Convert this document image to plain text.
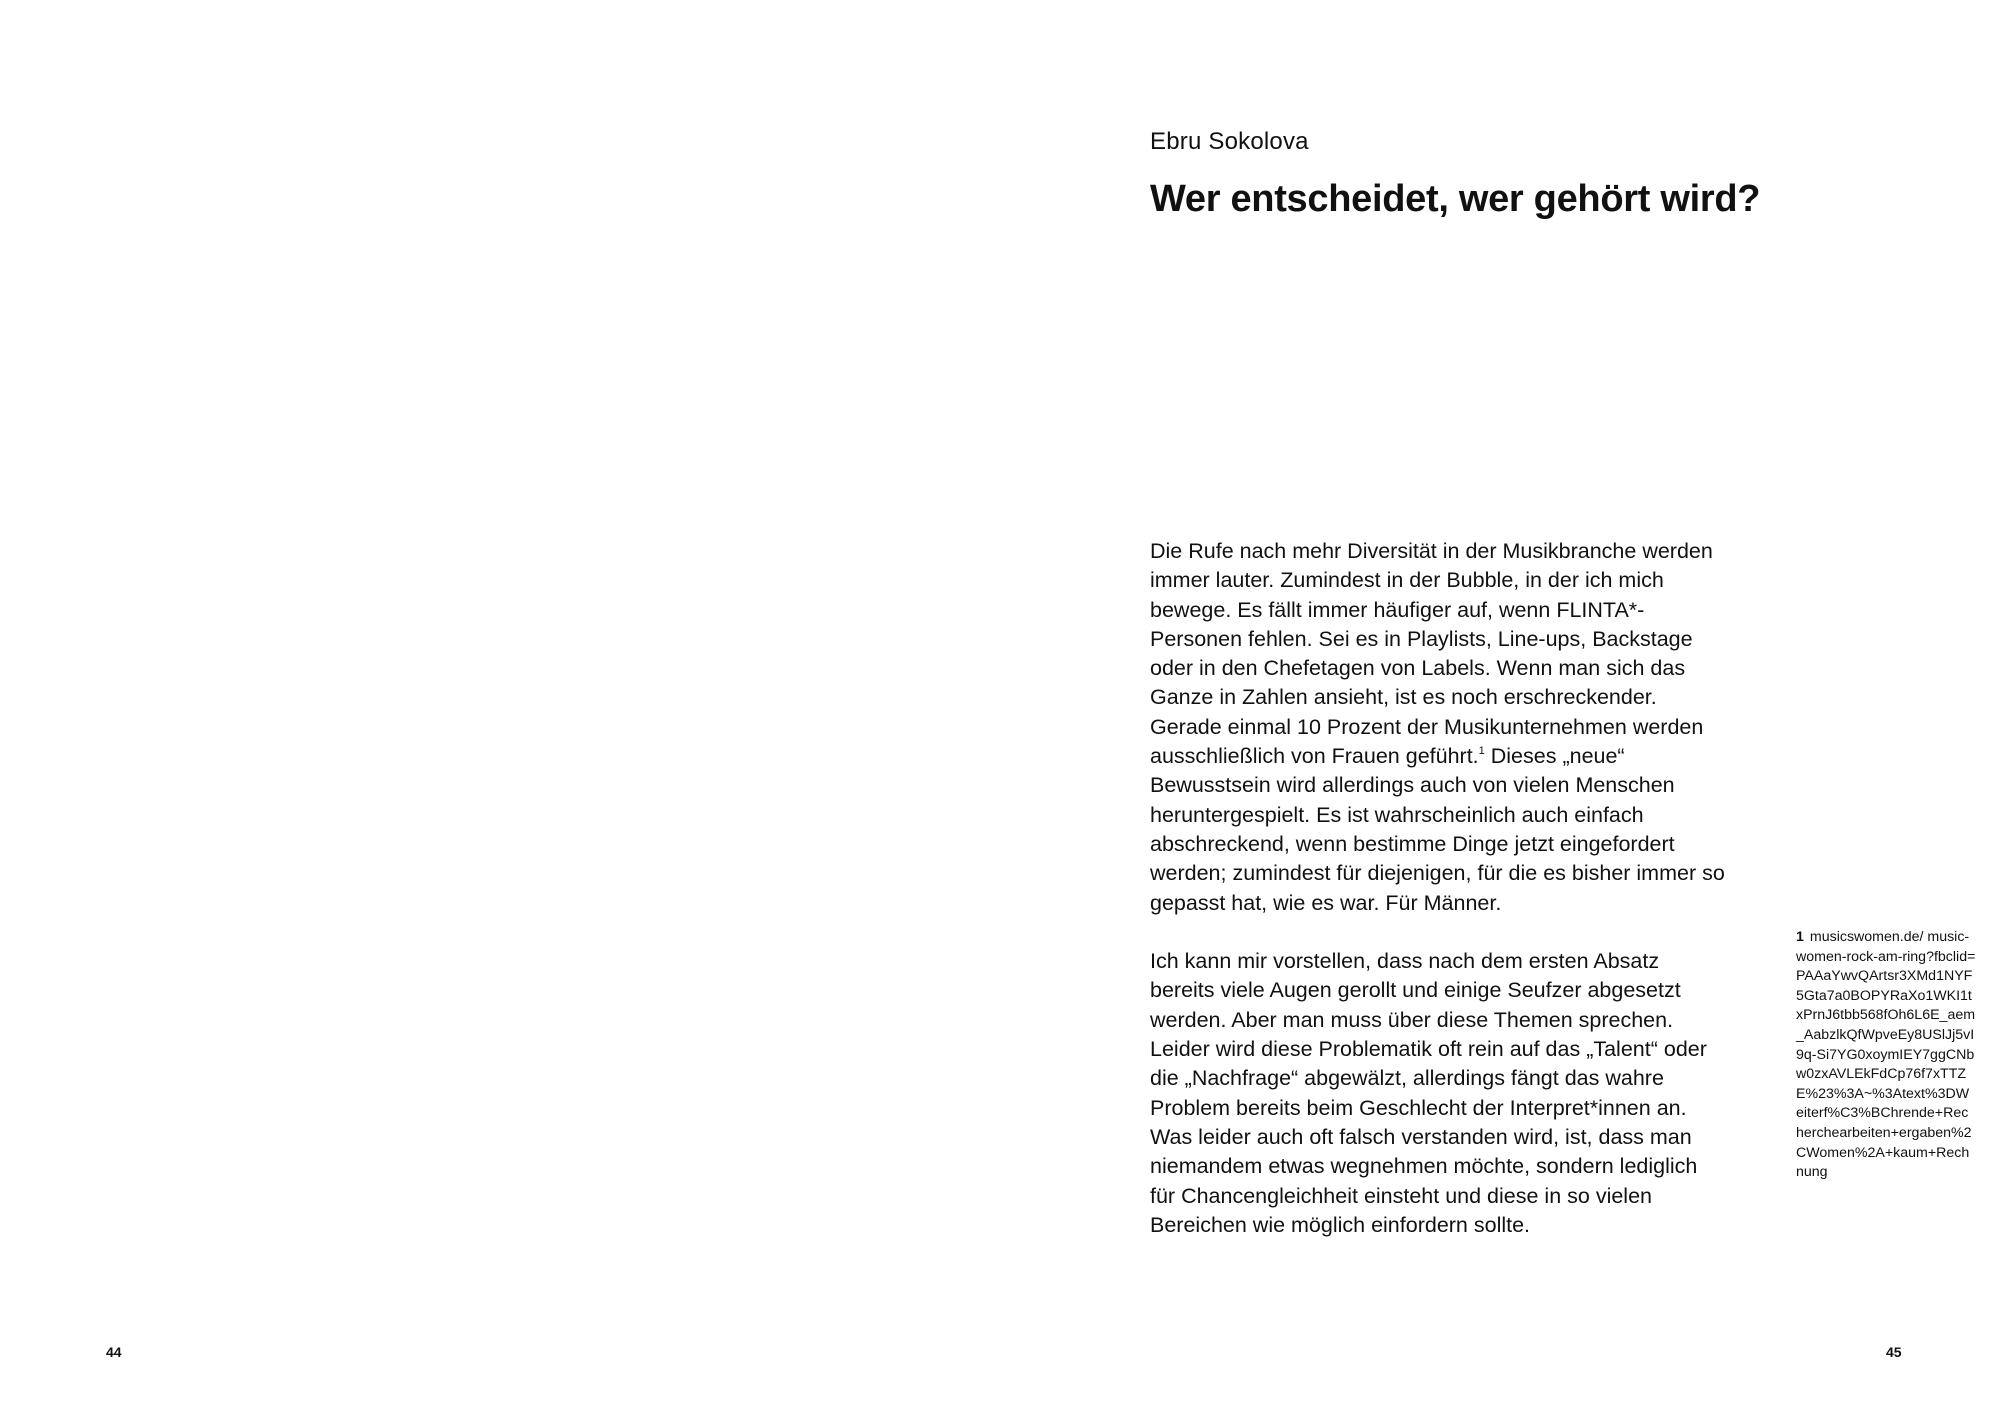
44
Ebru Sokolova
Wer entscheidet, wer gehört wird?

Die Rufe nach mehr Diversität in der Musikbranche werden immer lauter. Zumindest in der Bubble, in der ich mich bewege. Es fällt immer häufiger auf, wenn FLINTA*-Personen fehlen. Sei es in Playlists, Line-ups, Backstage oder in den Chefetagen von Labels. Wenn man sich das Ganze in Zahlen ansieht, ist es noch erschreckender. Gerade einmal 10 Prozent der Musikunternehmen werden ausschließlich von Frauen geführt.$^1$ Dieses „neue“ Bewusstsein wird allerdings auch von vielen Menschen heruntergespielt. Es ist wahrscheinlich auch einfach abschreckend, wenn bestimme Dinge jetzt eingefordert werden; zumindest für diejenigen, für die es bisher immer so gepasst hat, wie es war. Für Männer.

Ich kann mir vorstellen, dass nach dem ersten Absatz bereits viele Augen gerollt und einige Seufzer abgesetzt werden. Aber man muss über diese Themen sprechen. Leider wird diese Problematik oft rein auf das „Talent“ oder die „Nachfrage“ abgewälzt, allerdings fängt das wahre Problem bereits beim Geschlecht der Interpret*innen an. Was leider auch oft falsch verstanden wird, ist, dass man niemandem etwas wegnehmen möchte, sondern lediglich für Chancengleichheit einsteht und diese in so vielen Bereichen wie möglich einfordern sollte.

1 musicswomen.de/ music-women-rock-am-ring?fbclid=PAAaYwvQArtsr3XMd1NYF5Gta7a0BOPYRaXo1WKI1txPrnJ6tbb568fOh6L6E_aem_AabzlkQfWpveEy8USlJj5vI9q-Si7YG0xoymIEY7ggCNbw0zxAVLEkFdCp76f7xTTZE%23%3A~%3Atext%3DWeiterf%C3%BChrende+Recherchearbeiten+ergaben%2CWomen%2A+kaum+Rechnung
45
